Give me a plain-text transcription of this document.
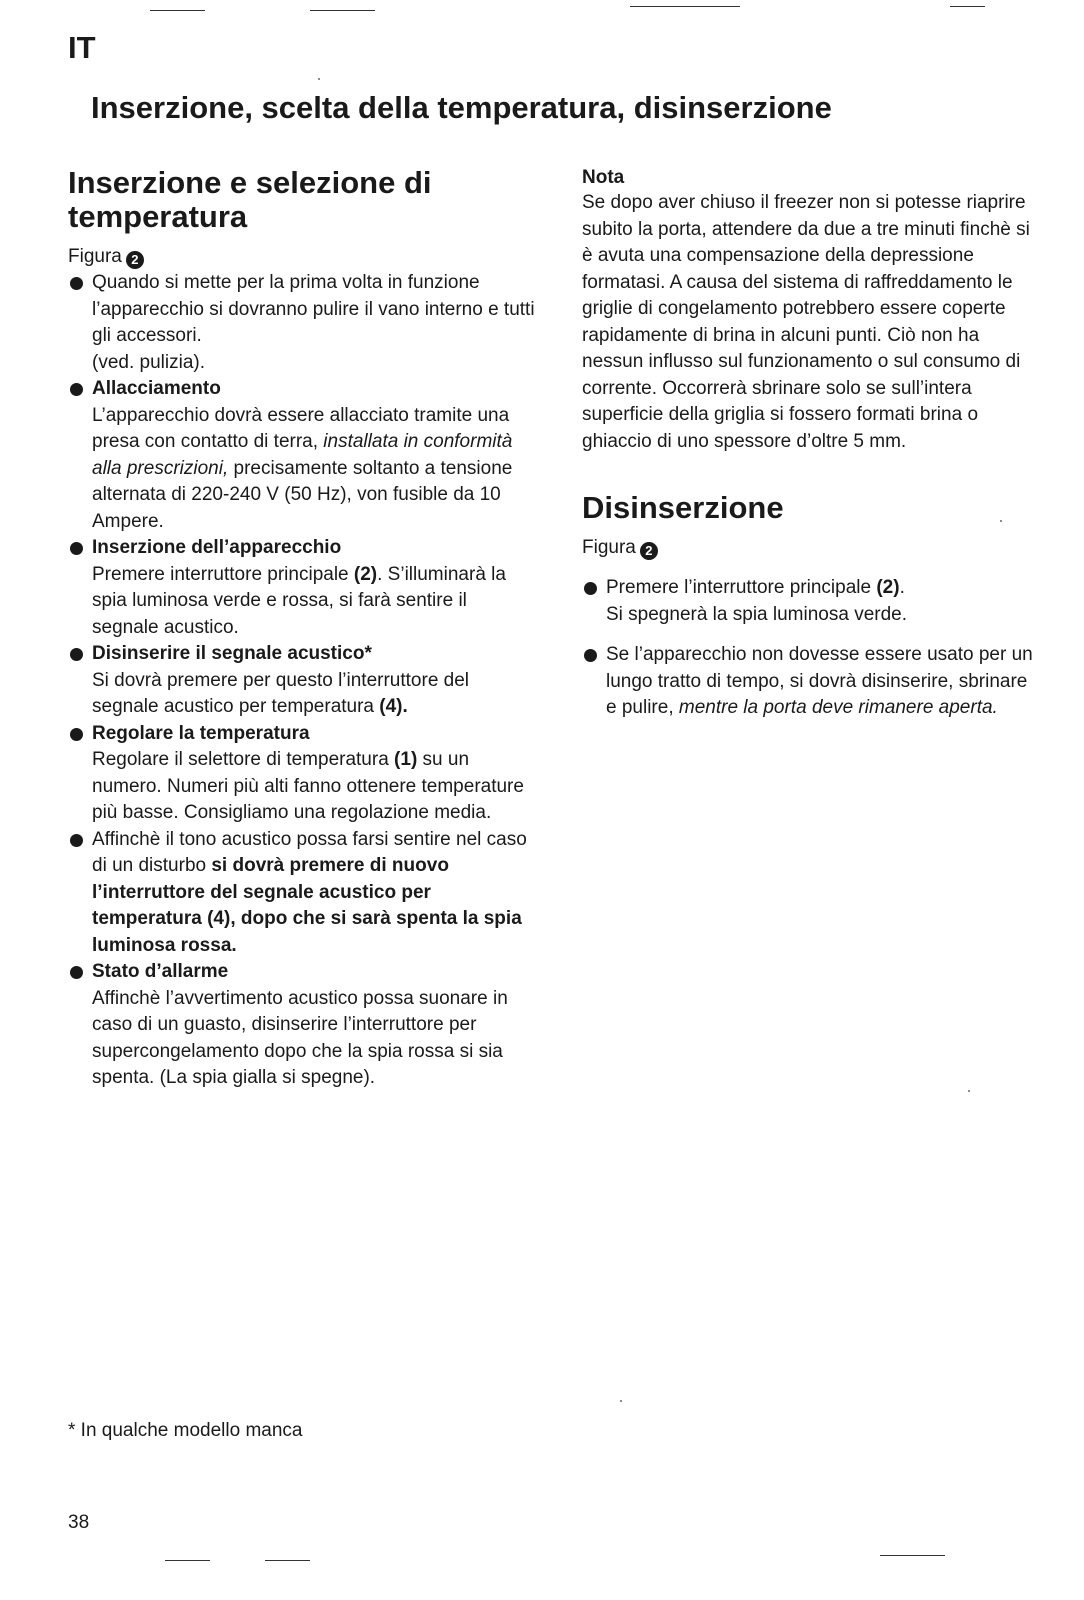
IT
Inserzione, scelta della temperatura, disinserzione
Inserzione e selezione di temperatura
Figura 2
Quando si mette per la prima volta in funzione l’apparecchio si dovranno pulire il vano interno e tutti gli accessori.
(ved. pulizia).
Allacciamento
L’apparecchio dovrà essere allacciato tramite una presa con contatto di terra, installata in conformità alla prescrizioni, precisamente soltanto a tensione alternata di 220-240 V (50 Hz), von fusible da 10 Ampere.
Inserzione dell’apparecchio
Premere interruttore principale (2). S’illuminarà la spia luminosa verde e rossa, si farà sentire il segnale acustico.
Disinserire il segnale acustico*
Si dovrà premere per questo l’interruttore del segnale acustico per temperatura (4).
Regolare la temperatura
Regolare il selettore di temperatura (1) su un numero. Numeri più alti fanno ottenere temperature più basse. Consigliamo una regolazione media.
Affinchè il tono acustico possa farsi sentire nel caso di un disturbo si dovrà premere di nuovo l’interruttore del segnale acustico per temperatura (4), dopo che si sarà spenta la spia luminosa rossa.
Stato d’allarme
Affinchè l’avvertimento acustico possa suonare in caso di un guasto, disinserire l’interruttore per supercongelamento dopo che la spia rossa si sia spenta. (La spia gialla si spegne).
Nota
Se dopo aver chiuso il freezer non si potesse riaprire subito la porta, attendere da due a tre minuti finchè si è avuta una compensazione della depressione formatasi. A causa del sistema di raffreddamento le griglie di congelamento potrebbero essere coperte rapidamente di brina in alcuni punti. Ciò non ha nessun influsso sul funzionamento o sul consumo di corrente. Occorrerà sbrinare solo se sull’intera superficie della griglia si fossero formati brina o ghiaccio di uno spessore d’oltre 5 mm.
Disinserzione
Figura 2
Premere l’interruttore principale (2).
Si spegnerà la spia luminosa verde.
Se l’apparecchio non dovesse essere usato per un lungo tratto di tempo, si dovrà disinserire, sbrinare e pulire, mentre la porta deve rimanere aperta.
* In qualche modello manca
38
